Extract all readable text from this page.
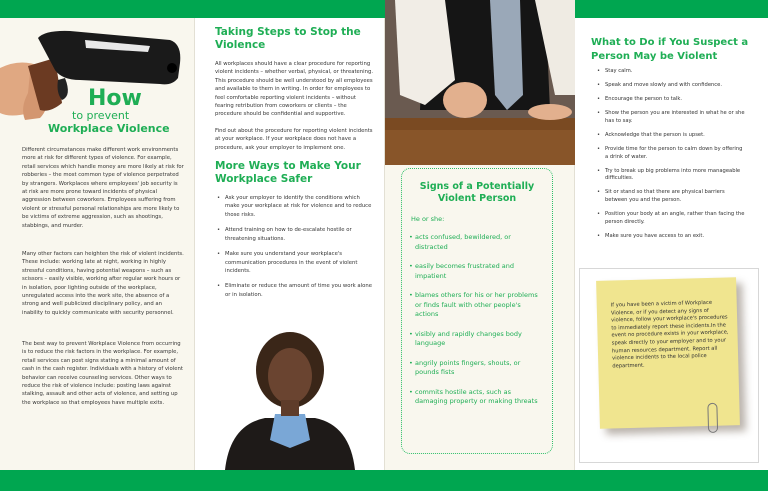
How
to prevent
Workplace Violence

Different circumstances make different work environments more at risk for different types of violence. For example, retail services which handle money are more likely at risk for robberies – the most common type of violence perpetrated by strangers. Workplaces where employees' job security is at risk are more prone toward incidents of physical aggression between coworkers. Employees suffering from violent or stressful personal relationships are more likely to be victims of extreme aggression, such as shootings, stabbings, and murder.

Many other factors can heighten the risk of violent incidents. These include: working late at night, working in highly stressful conditions, having potential weapons – such as scissors – easily visible, working after regular work hours or in isolation, poor lighting outside of the workplace, unregulated access into the work site, the absence of a strong and well publicized disciplinary policy, and an inability to quickly communicate with security personnel.

The best way to prevent Workplace Violence from occurring is to reduce the risk factors in the workplace. For example, retail services can post signs stating a minimal amount of cash in the cash register. Individuals with a history of violent behavior can receive counseling services. Other ways to reduce the risk of violence include: posting laws against stalking, assault and other acts of violence, and setting up the workplace so that employees have multiple exits.

Taking Steps to Stop the Violence

All workplaces should have a clear procedure for reporting violent incidents – whether verbal, physical, or threatening. This procedure should be well understood by all employees and available to them in writing. In order for employees to feel comfortable reporting violent incidents – without fearing retribution from coworkers or clients – the procedure should be confidential and supportive.

Find out about the procedure for reporting violent incidents at your workplace. If your workplace does not have a procedure, ask your employer to implement one.

More Ways to Make Your Workplace Safer
• Ask your employer to identify the conditions which make your workplace at risk for violence and to reduce those risks.
• Attend training on how to de-escalate hostile or threatening situations.
• Make sure you understand your workplace's communication procedures in the event of violent incidents.
• Eliminate or reduce the amount of time you work alone or in isolation.
Signs of a Potentially Violent Person
He or she:
• acts confused, bewildered, or distracted
• easily becomes frustrated and impatient
• blames others for his or her problems or finds fault with other people's actions
• visibly and rapidly changes body language
• angrily points fingers, shouts, or pounds fists
• commits hostile acts, such as damaging property or making threats
What to Do if You Suspect a Person May be Violent
• Stay calm.
• Speak and move slowly and with confidence.
• Encourage the person to talk.
• Show the person you are interested in what he or she has to say.
• Acknowledge that the person is upset.
• Provide time for the person to calm down by offering a drink of water.
• Try to break up big problems into more manageable difficulties.
• Sit or stand so that there are physical barriers between you and the person.
• Position your body at an angle, rather than facing the person directly.
• Make sure you have access to an exit.

If you have been a victim of Workplace Violence, or if you detect any signs of violence, follow your workplace's procedures to immediately report these incidents.In the event no procedure exists in your workplace, speak directly to your employer and to your human resources department. Report all violence incidents to the local police department.
